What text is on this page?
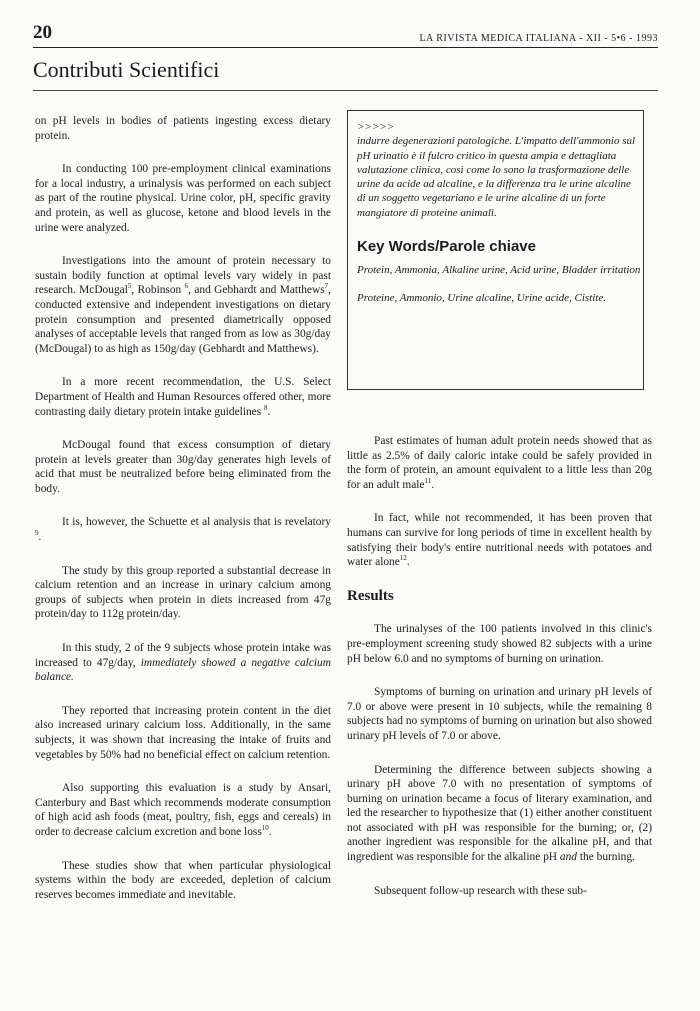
20	LA RIVISTA MEDICA ITALIANA - XII - 5•6 - 1993
Contributi Scientifici

on pH levels in bodies of patients ingesting excess dietary protein.

In conducting 100 pre-employment clinical examinations for a local industry, a urinalysis was performed on each subject as part of the routine physical. Urine color, pH, specific gravity and protein, as well as glucose, ketone and blood levels in the urine were analyzed.

Investigations into the amount of protein necessary to sustain bodily function at optimal levels vary widely in past research. McDougal$^5$, Robinson $^6$, and Gebhardt and Matthews$^7$, conducted extensive and independent investigations on dietary protein consumption and presented diametrically opposed analyses of acceptable levels that ranged from as low as 30g/day (McDougal) to as high as 150g/day (Gebhardt and Matthews).

In a more recent recommendation, the U.S. Select Department of Health and Human Resources offered other, more contrasting daily dietary protein intake guidelines $^8$.

McDougal found that excess consumption of dietary protein at levels greater than 30g/day generates high levels of acid that must be neutralized before being eliminated from the body.

It is, however, the Schuette et al analysis that is revelatory $^9$.

The study by this group reported a substantial decrease in calcium retention and an increase in urinary calcium among groups of subjects when protein in diets increased from 47g protein/day to 112g protein/day.

In this study, 2 of the 9 subjects whose protein intake was increased to 47g/day, immediately showed a negative calcium balance.

They reported that increasing protein content in the diet also increased urinary calcium loss. Additionally, in the same subjects, it was shown that increasing the intake of fruits and vegetables by 50% had no beneficial effect on calcium retention.

Also supporting this evaluation is a study by Ansari, Canterbury and Bast which recommends moderate consumption of high acid ash foods (meat, poultry, fish, eggs and cereals) in order to decrease calcium excretion and bone loss$^{10}$.

These studies show that when particular physiological systems within the body are exceeded, depletion of calcium reserves becomes immediate and inevitable.

>>>>>
indurre degenerazioni patologiche. L'impatto dell'ammonio sul pH urinatio è il fulcro critico in questa ampia e dettagliata valutazione clinica, così come lo sono la trasformazione delle urine da acide ad alcaline, e la differenza tra le urine alcaline di un soggetto vegetariano e le urine alcaline di un forte mangiatore di proteine animali.
Key Words/Parole chiave

Protein, Ammonia, Alkaline urine, Acid urine, Bladder irritation

Proteine, Ammonio, Urine alcaline, Urine acide, Cistite.

Past estimates of human adult protein needs showed that as little as 2.5% of daily caloric intake could be safely provided in the form of protein, an amount equivalent to a little less than 20g for an adult male$^{11}$.

In fact, while not recommended, it has been proven that humans can survive for long periods of time in excellent health by satisfying their body's entire nutritional needs with potatoes and water alone$^{12}$.

Results

The urinalyses of the 100 patients involved in this clinic's pre-employment screening study showed 82 subjects with a urine pH below 6.0 and no symptoms of burning on urination.

Symptoms of burning on urination and urinary pH levels of 7.0 or above were present in 10 subjects, while the remaining 8 subjects had no symptoms of burning on urination but also showed urinary pH levels of 7.0 or above.

Determining the difference between subjects showing a urinary pH above 7.0 with no presentation of symptoms of burning on urination became a focus of literary examination, and led the researcher to hypothesize that (1) either another constituent not associated with pH was responsible for the burning; or, (2) another ingredient was responsible for the alkaline pH, and that ingredient was responsible for the alkaline pH and the burning.

Subsequent follow-up research with these sub-
